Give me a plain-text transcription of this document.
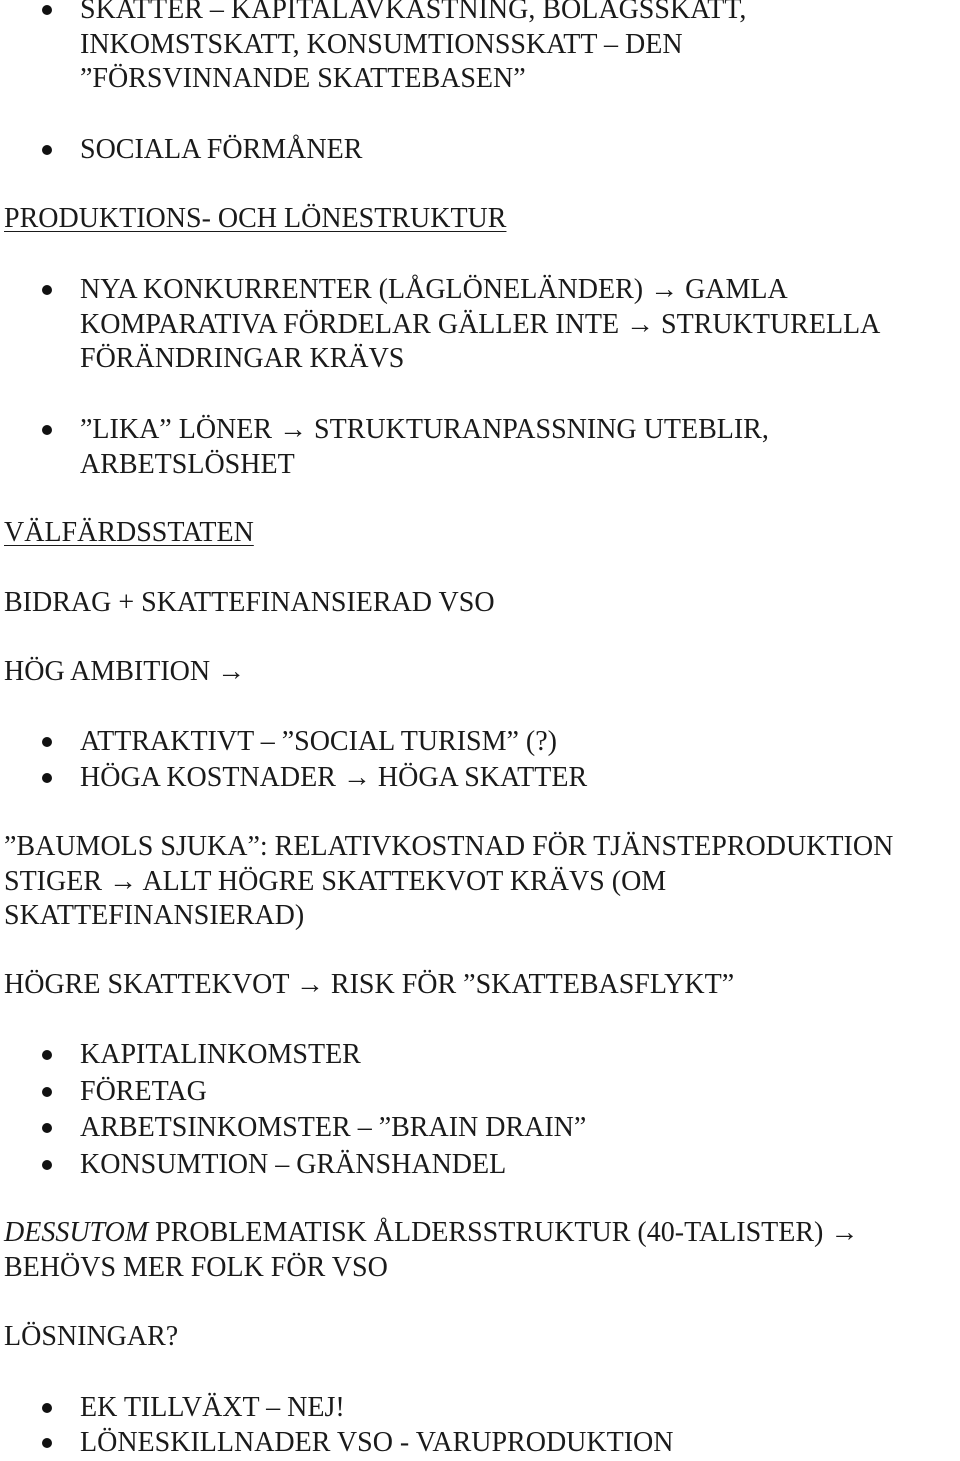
SKATTER – KAPITALAVKASTNING, BOLAGSSKATT,
INKOMSTSKATT, KONSUMTIONSSKATT – DEN
”FÖRSVINNANDE SKATTEBASEN”
SOCIALA FÖRMÅNER
PRODUKTIONS- OCH LÖNESTRUKTUR
NYA KONKURRENTER (LÅGLÖNELÄNDER) → GAMLA
KOMPARATIVA FÖRDELAR GÄLLER INTE → STRUKTURELLA
FÖRÄNDRINGAR KRÄVS
”LIKA” LÖNER → STRUKTURANPASSNING UTEBLIR,
ARBETSLÖSHET
VÄLFÄRDSSTATEN
BIDRAG + SKATTEFINANSIERAD VSO
HÖG AMBITION →
ATTRAKTIVT – ”SOCIAL TURISM” (?)
HÖGA KOSTNADER → HÖGA SKATTER
”BAUMOLS SJUKA”: RELATIVKOSTNAD FÖR TJÄNSTEPRODUKTION
STIGER → ALLT HÖGRE SKATTEKVOT KRÄVS (OM
SKATTEFINANSIERAD)
HÖGRE SKATTEKVOT → RISK FÖR ”SKATTEBASFLYKT”
KAPITALINKOMSTER
FÖRETAG
ARBETSINKOMSTER – ”BRAIN DRAIN”
KONSUMTION – GRÄNSHANDEL
DESSUTOM PROBLEMATISK ÅLDERSSTRUKTUR (40-TALISTER) →
BEHÖVS MER FOLK FÖR VSO
LÖSNINGAR?
EK TILLVÄXT – NEJ!
LÖNESKILLNADER VSO - VARUPRODUKTION
